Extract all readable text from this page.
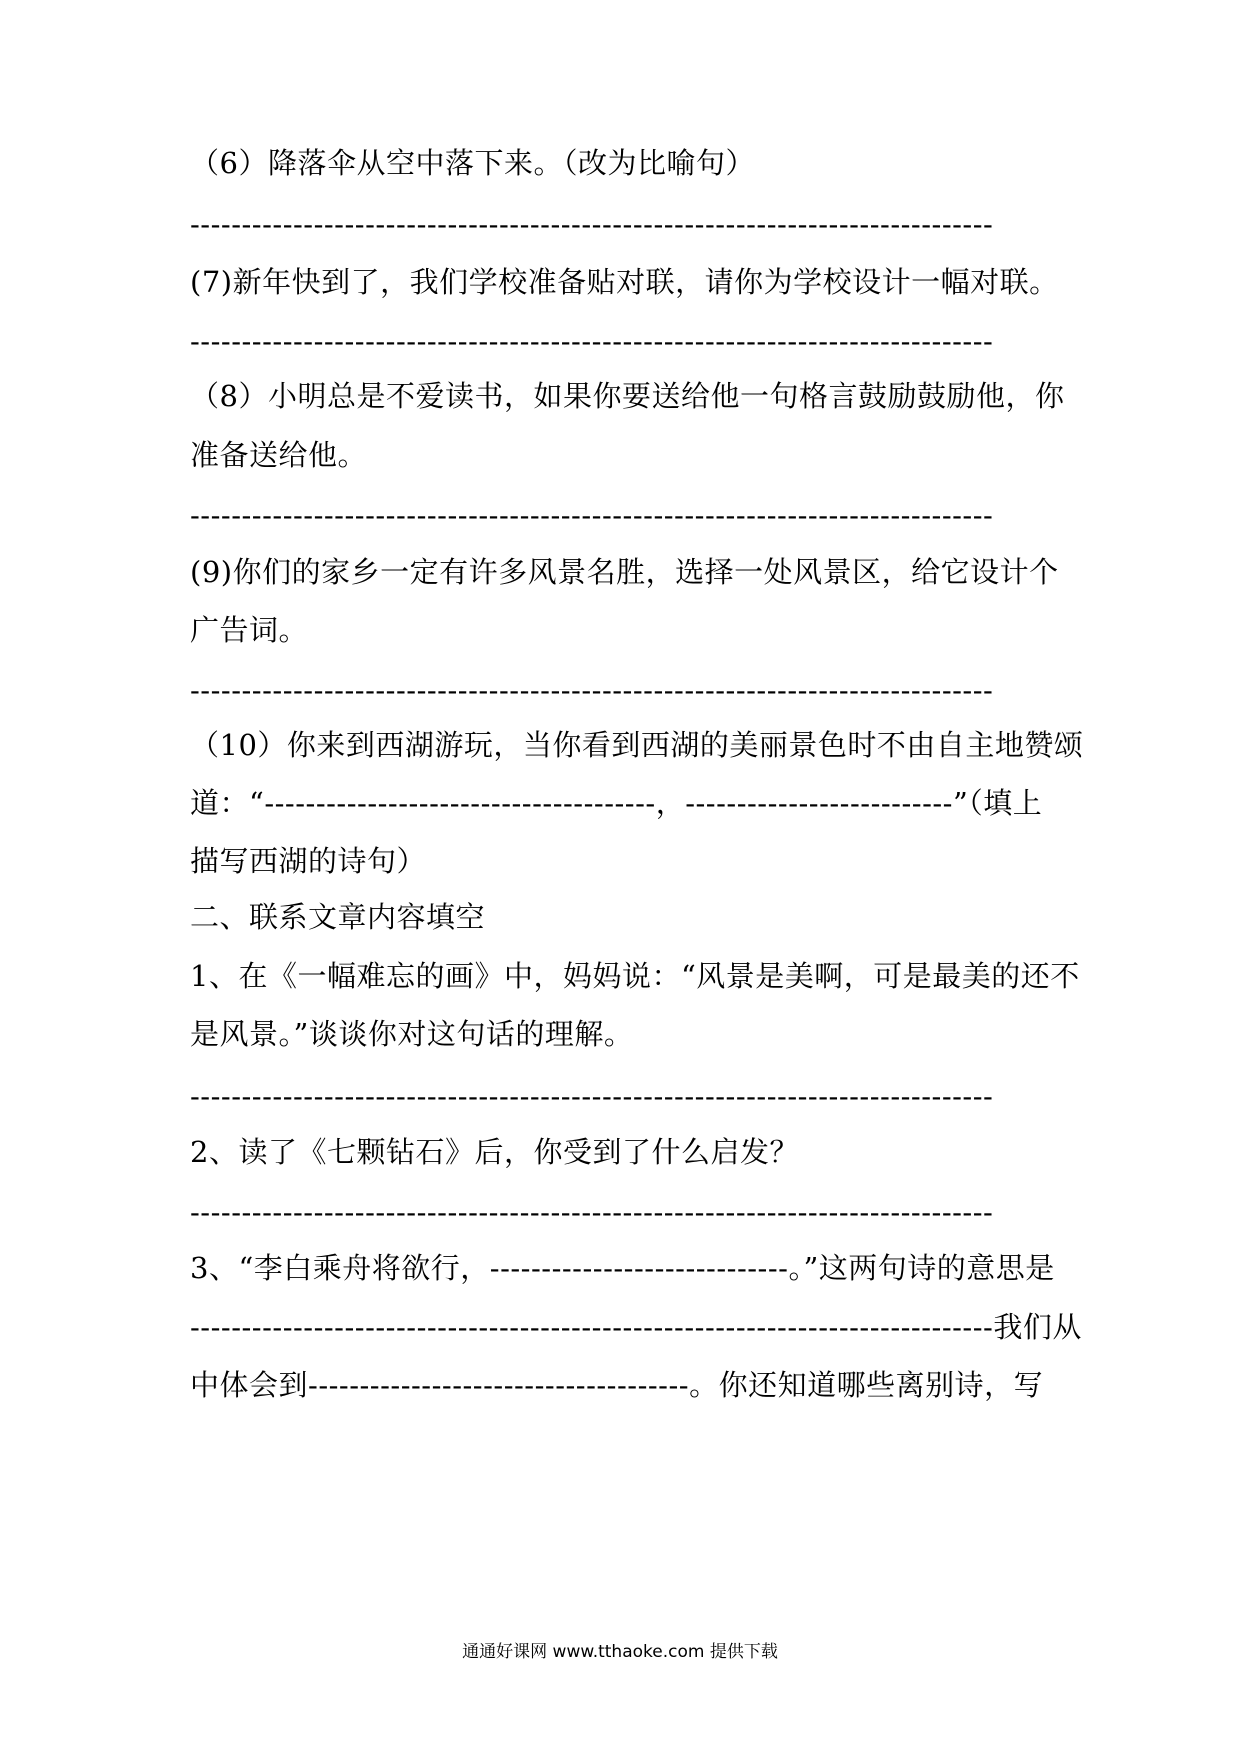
（6）降落伞从空中落下来。（改为比喻句）
------------------------------------------------------------------------------
(7)新年快到了，我们学校准备贴对联，请你为学校设计一幅对联。
------------------------------------------------------------------------------
（8）小明总是不爱读书，如果你要送给他一句格言鼓励鼓励他，你
准备送给他。
------------------------------------------------------------------------------
(9)你们的家乡一定有许多风景名胜，选择一处风景区，给它设计个
广告词。
------------------------------------------------------------------------------
（10）你来到西湖游玩，当你看到西湖的美丽景色时不由自主地赞颂
道：“--------------------------------------，--------------------------”（填上
描写西湖的诗句）
二、联系文章内容填空
1、在《一幅难忘的画》中，妈妈说：“风景是美啊，可是最美的还不
是风景。”谈谈你对这句话的理解。
------------------------------------------------------------------------------
2、读了《七颗钻石》后，你受到了什么启发？
------------------------------------------------------------------------------
3、“李白乘舟将欲行，-----------------------------。”这两句诗的意思是
------------------------------------------------------------------------------我们从
中体会到-------------------------------------。你还知道哪些离别诗，写
通通好课网 www.tthaoke.com 提供下载
